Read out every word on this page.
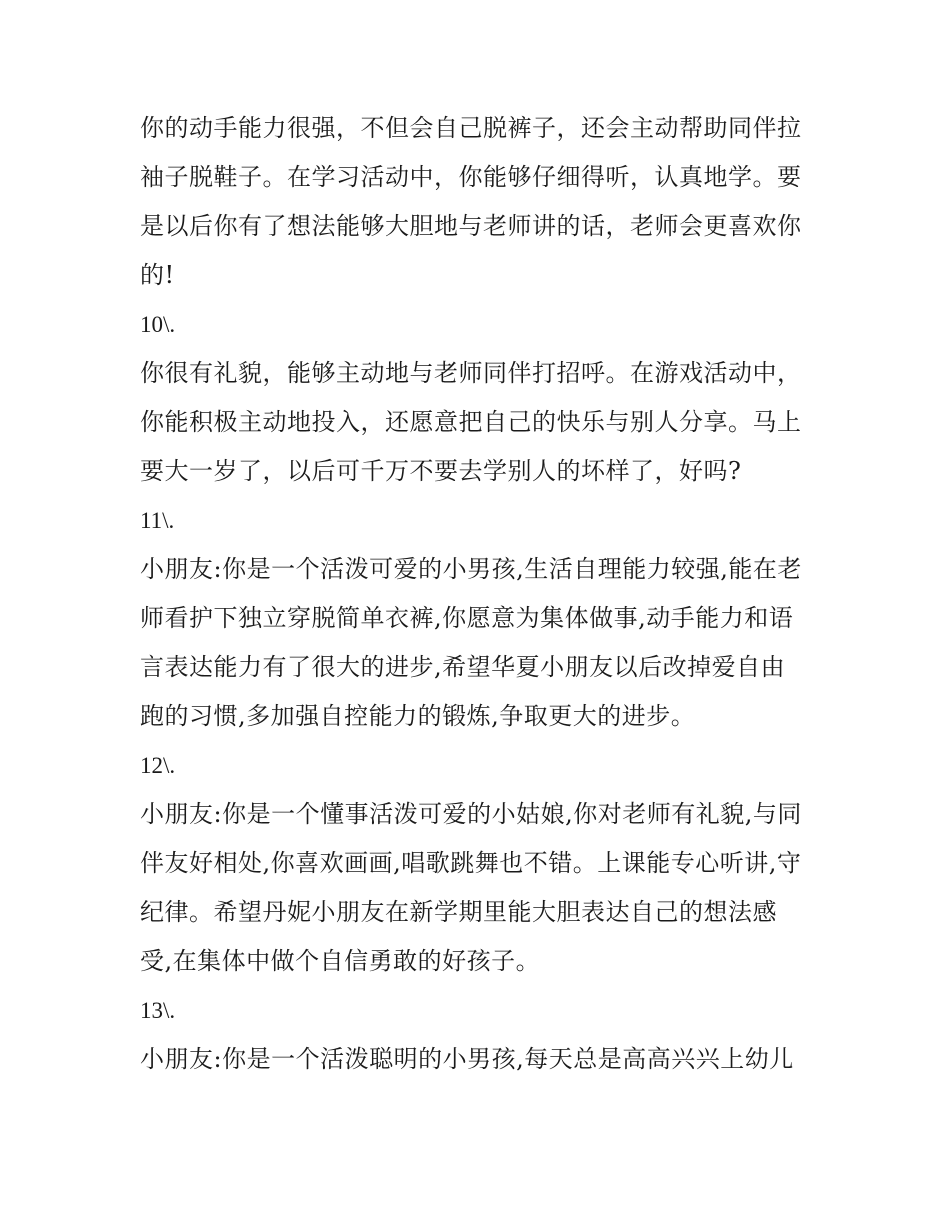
你的动手能力很强，不但会自己脱裤子，还会主动帮助同伴拉
袖子脱鞋子。在学习活动中，你能够仔细得听，认真地学。要
是以后你有了想法能够大胆地与老师讲的话，老师会更喜欢你
的!
10\.
你很有礼貌，能够主动地与老师同伴打招呼。在游戏活动中，
你能积极主动地投入，还愿意把自己的快乐与别人分享。马上
要大一岁了，以后可千万不要去学别人的坏样了，好吗?
11\.
小朋友:你是一个活泼可爱的小男孩,生活自理能力较强,能在老
师看护下独立穿脱简单衣裤,你愿意为集体做事,动手能力和语
言表达能力有了很大的进步,希望华夏小朋友以后改掉爱自由
跑的习惯,多加强自控能力的锻炼,争取更大的进步。
12\.
小朋友:你是一个懂事活泼可爱的小姑娘,你对老师有礼貌,与同
伴友好相处,你喜欢画画,唱歌跳舞也不错。上课能专心听讲,守
纪律。希望丹妮小朋友在新学期里能大胆表达自己的想法感
受,在集体中做个自信勇敢的好孩子。
13\.
小朋友:你是一个活泼聪明的小男孩,每天总是高高兴兴上幼儿
